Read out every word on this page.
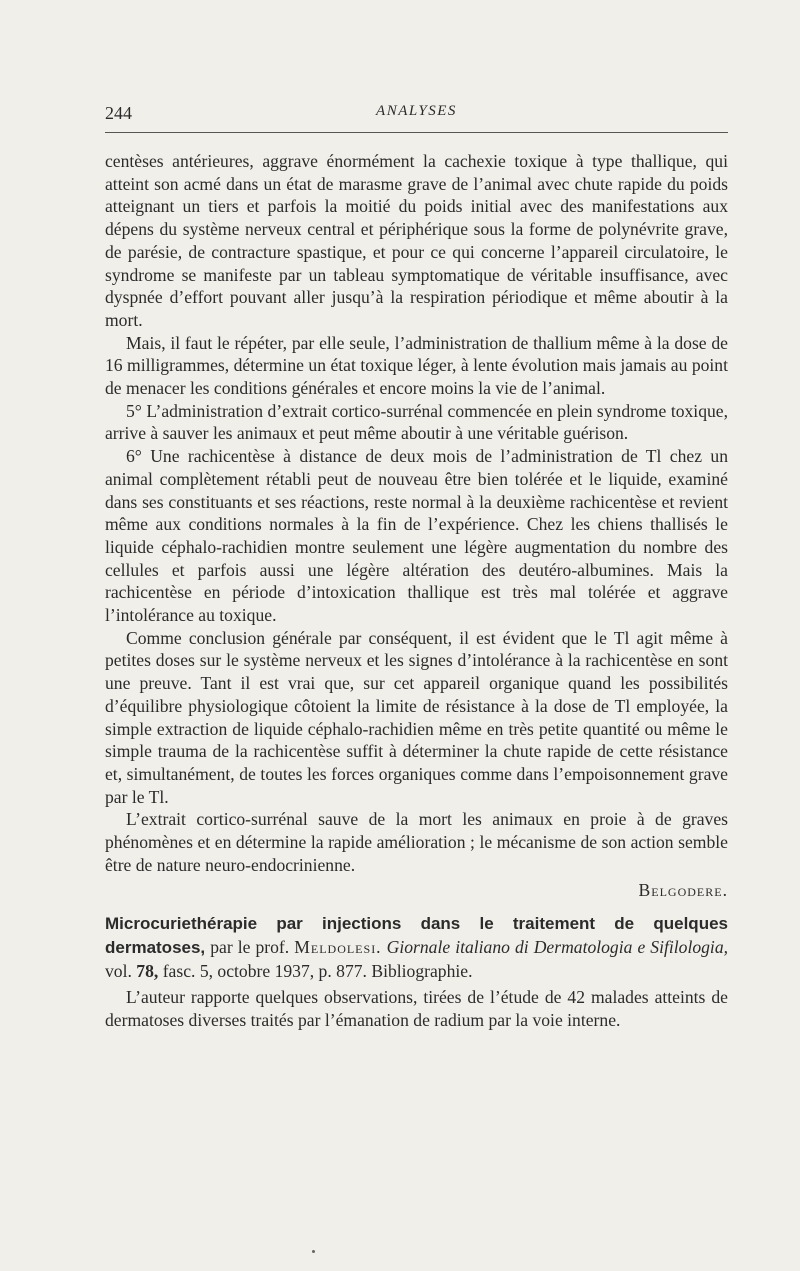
244	ANALYSES

centèses antérieures, aggrave énormément la cachexie toxique à type thallique, qui atteint son acmé dans un état de marasme grave de l’animal avec chute rapide du poids atteignant un tiers et parfois la moitié du poids initial avec des manifestations aux dépens du système nerveux central et périphérique sous la forme de polynévrite grave, de parésie, de contracture spastique, et pour ce qui concerne l’appareil circulatoire, le syndrome se manifeste par un tableau symptomatique de véritable insuffisance, avec dyspnée d’effort pouvant aller jusqu’à la respiration périodique et même aboutir à la mort.

Mais, il faut le répéter, par elle seule, l’administration de thallium même à la dose de 16 milligrammes, détermine un état toxique léger, à lente évolution mais jamais au point de menacer les conditions générales et encore moins la vie de l’animal.

5° L’administration d’extrait cortico-surrénal commencée en plein syndrome toxique, arrive à sauver les animaux et peut même aboutir à une véritable guérison.

6° Une rachicentèse à distance de deux mois de l’administration de Tl chez un animal complètement rétabli peut de nouveau être bien tolérée et le liquide, examiné dans ses constituants et ses réactions, reste normal à la deuxième rachicentèse et revient même aux conditions normales à la fin de l’expérience. Chez les chiens thallisés le liquide céphalo-rachidien montre seulement une légère augmentation du nombre des cellules et parfois aussi une légère altération des deutéro-albumines. Mais la rachicentèse en période d’intoxication thallique est très mal tolérée et aggrave l’intolérance au toxique.

Comme conclusion générale par conséquent, il est évident que le Tl agit même à petites doses sur le système nerveux et les signes d’intolérance à la rachicentèse en sont une preuve. Tant il est vrai que, sur cet appareil organique quand les possibilités d’équilibre physiologique côtoient la limite de résistance à la dose de Tl employée, la simple extraction de liquide céphalo-rachidien même en très petite quantité ou même le simple trauma de la rachicentèse suffit à déterminer la chute rapide de cette résistance et, simultanément, de toutes les forces organiques comme dans l’empoisonnement grave par le Tl.

L’extrait cortico-surrénal sauve de la mort les animaux en proie à de graves phénomènes et en détermine la rapide amélioration ; le mécanisme de son action semble être de nature neuro-endocrinienne.

Belgodere.

Microcuriethérapie par injections dans le traitement de quelques dermatoses, par le prof. Meldolesi. Giornale italiano di Dermatologia e Sifilologia, vol. 78, fasc. 5, octobre 1937, p. 877. Bibliographie.

L’auteur rapporte quelques observations, tirées de l’étude de 42 malades atteints de dermatoses diverses traités par l’émanation de radium par la voie interne.
